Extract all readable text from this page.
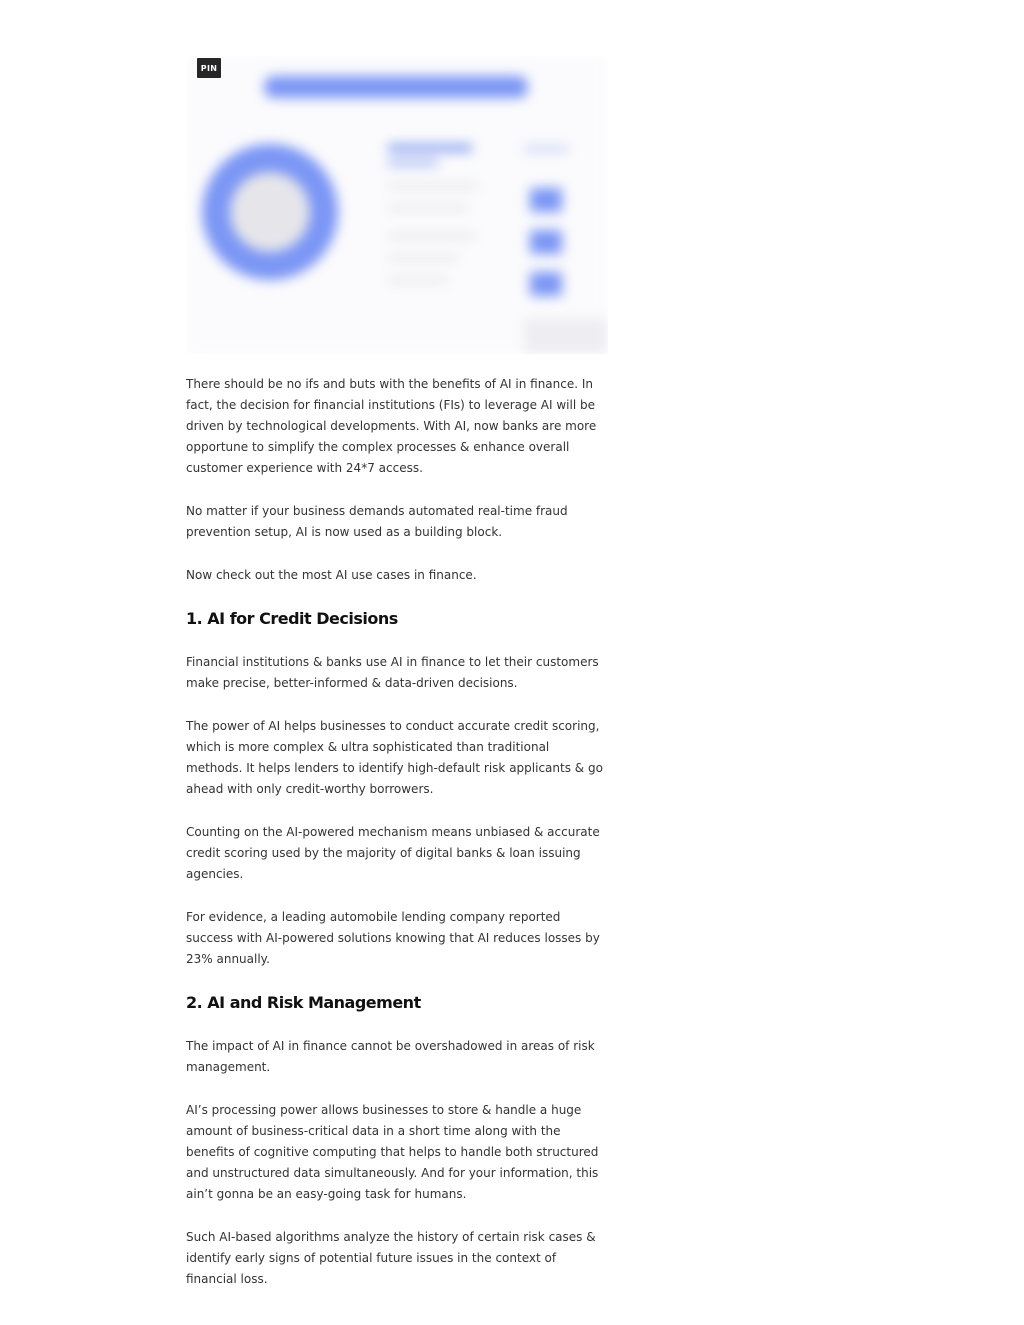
PIN

There should be no ifs and buts with the benefits of AI in finance. In fact, the decision for financial institutions (FIs) to leverage AI will be driven by technological developments. With AI, now banks are more opportune to simplify the complex processes & enhance overall customer experience with 24*7 access.

No matter if your business demands automated real-time fraud prevention setup, AI is now used as a building block.

Now check out the most AI use cases in finance.

1. AI for Credit Decisions

Financial institutions & banks use AI in finance to let their customers make precise, better-informed & data-driven decisions.

The power of AI helps businesses to conduct accurate credit scoring, which is more complex & ultra sophisticated than traditional methods. It helps lenders to identify high-default risk applicants & go ahead with only credit-worthy borrowers.

Counting on the AI-powered mechanism means unbiased & accurate credit scoring used by the majority of digital banks & loan issuing agencies.

For evidence, a leading automobile lending company reported success with AI-powered solutions knowing that AI reduces losses by 23% annually.

2. AI and Risk Management

The impact of AI in finance cannot be overshadowed in areas of risk management.

AI’s processing power allows businesses to store & handle a huge amount of business-critical data in a short time along with the benefits of cognitive computing that helps to handle both structured and unstructured data simultaneously. And for your information, this ain’t gonna be an easy-going task for humans.

Such AI-based algorithms analyze the history of certain risk cases & identify early signs of potential future issues in the context of financial loss.
